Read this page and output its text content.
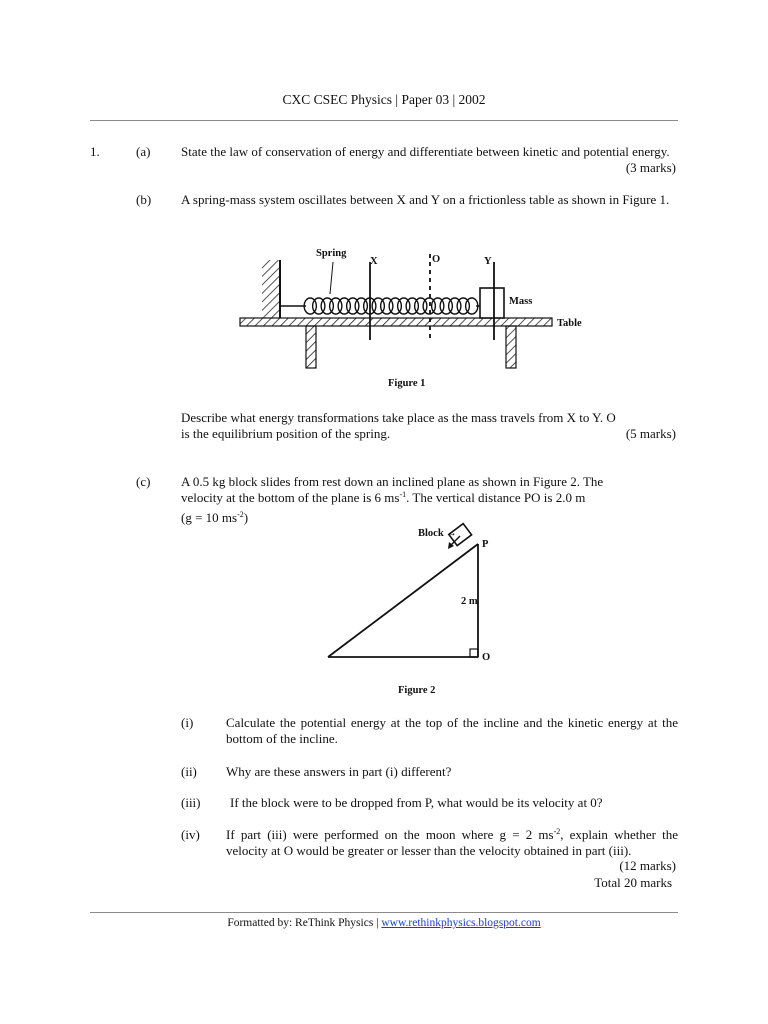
CXC CSEC Physics | Paper 03 | 2002
1.	(a) State the law of conservation of energy and differentiate between kinetic and potential energy.
(3 marks)
(b) A spring-mass system oscillates between X and Y on a frictionless table as shown in Figure 1.
Spring
X	O	Y
Mass
Table
Figure 1
Describe what energy transformations take place as the mass travels from X to Y. O
is the equilibrium position of the spring.	(5 marks)
(c) A 0.5 kg block slides from rest down an inclined plane as shown in Figure 2. The
velocity at the bottom of the plane is 6 $ms^{-1}$. The vertical distance PO is 2.0 m
(g = 10 $ms^{-2}$)
Block →
P
2 m
O
Figure 2
(i)	Calculate the potential energy at the top of the incline and the kinetic energy at the bottom of the incline.
(ii) Why are these answers in part (i) different?
(iii) If the block were to be dropped from P, what would be its velocity at 0?
(iv) If part (iii) were performed on the moon where g = 2 $ms^{-2}$, explain whether the velocity at O would be greater or lesser than the velocity obtained in part (iii).
(12 marks)
Total 20 marks
Formatted by: ReThink Physics | www.rethinkphysics.blogspot.com
